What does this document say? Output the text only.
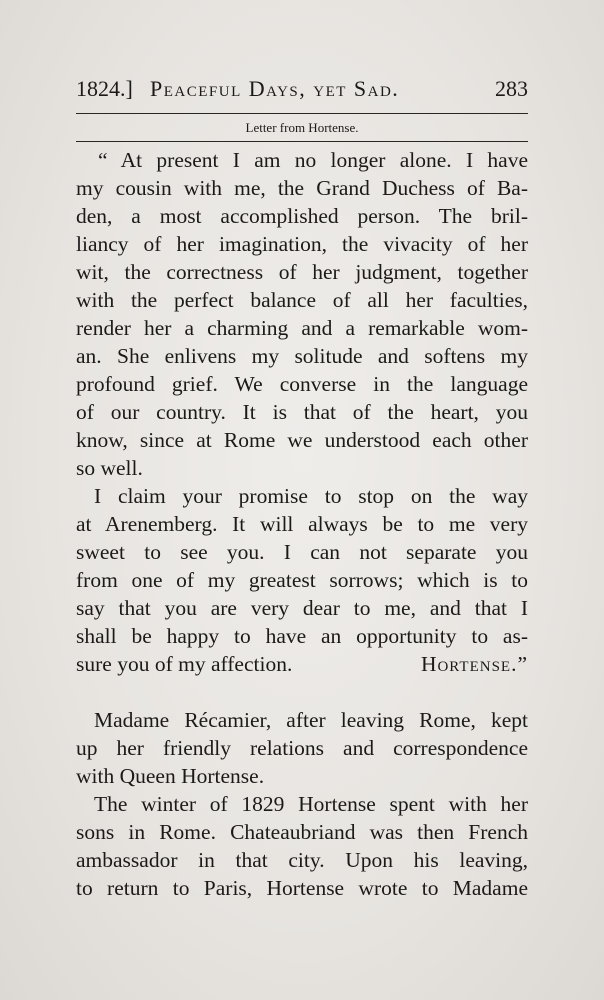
1824.] Peaceful Days, yet Sad.	283
Letter from Hortense.
“ At present I am no longer alone. I have
my cousin with me, the Grand Duchess of Ba-
den, a most accomplished person. The bril-
liancy of her imagination, the vivacity of her
wit, the correctness of her judgment, together
with the perfect balance of all her faculties,
render her a charming and a remarkable wom-
an. She enlivens my solitude and softens my
profound grief. We converse in the language
of our country. It is that of the heart, you
know, since at Rome we understood each other
so well.
I claim your promise to stop on the way
at Arenemberg. It will always be to me very
sweet to see you. I can not separate you
from one of my greatest sorrows; which is to
say that you are very dear to me, and that I
shall be happy to have an opportunity to as-
sure you of my affection.	Hortense.”
Madame Récamier, after leaving Rome, kept
up her friendly relations and correspondence
with Queen Hortense.
The winter of 1829 Hortense spent with her
sons in Rome. Chateaubriand was then French
ambassador in that city. Upon his leaving,
to return to Paris, Hortense wrote to Madame
